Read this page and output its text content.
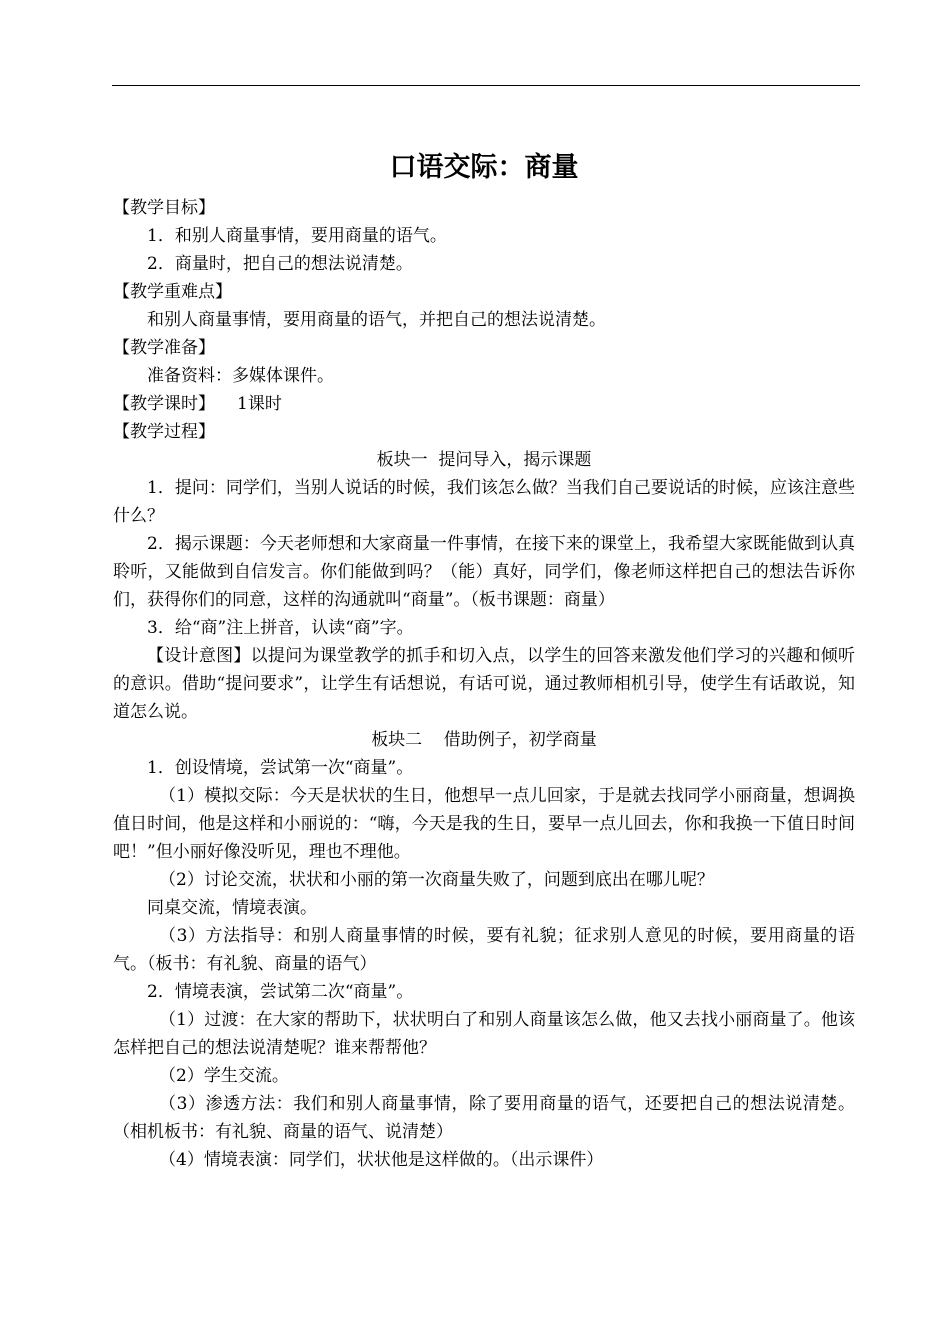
口语交际：商量

【教学目标】

1．和别人商量事情，要用商量的语气。

2．商量时，把自己的想法说清楚。

【教学重难点】

和别人商量事情，要用商量的语气，并把自己的想法说清楚。

【教学准备】

准备资料：多媒体课件。

【教学课时】 1课时

【教学过程】

板块一  提问导入，揭示课题

1．提问：同学们，当别人说话的时候，我们该怎么做？当我们自己要说话的时候，应该注意些什么？

2．揭示课题：今天老师想和大家商量一件事情，在接下来的课堂上，我希望大家既能做到认真聆听，又能做到自信发言。你们能做到吗？（能）真好，同学们，像老师这样把自己的想法告诉你们，获得你们的同意，这样的沟通就叫“商量”。（板书课题：商量）

3．给“商”注上拼音，认读“商”字。

【设计意图】以提问为课堂教学的抓手和切入点，以学生的回答来激发他们学习的兴趣和倾听的意识。借助“提问要求”，让学生有话想说，有话可说，通过教师相机引导，使学生有话敢说，知道怎么说。

板块二    借助例子，初学商量

1．创设情境，尝试第一次“商量”。

（1）模拟交际：今天是状状的生日，他想早一点儿回家，于是就去找同学小丽商量，想调换值日时间，他是这样和小丽说的：“嗨，今天是我的生日，要早一点儿回去，你和我换一下值日时间吧！”但小丽好像没听见，理也不理他。

（2）讨论交流，状状和小丽的第一次商量失败了，问题到底出在哪儿呢？

同桌交流，情境表演。

（3）方法指导：和别人商量事情的时候，要有礼貌；征求别人意见的时候，要用商量的语气。（板书：有礼貌、商量的语气）

2．情境表演，尝试第二次“商量”。

（1）过渡：在大家的帮助下，状状明白了和别人商量该怎么做，他又去找小丽商量了。他该怎样把自己的想法说清楚呢？谁来帮帮他？

（2）学生交流。

（3）渗透方法：我们和别人商量事情，除了要用商量的语气，还要把自己的想法说清楚。（相机板书：有礼貌、商量的语气、说清楚）

（4）情境表演：同学们，状状他是这样做的。（出示课件）
